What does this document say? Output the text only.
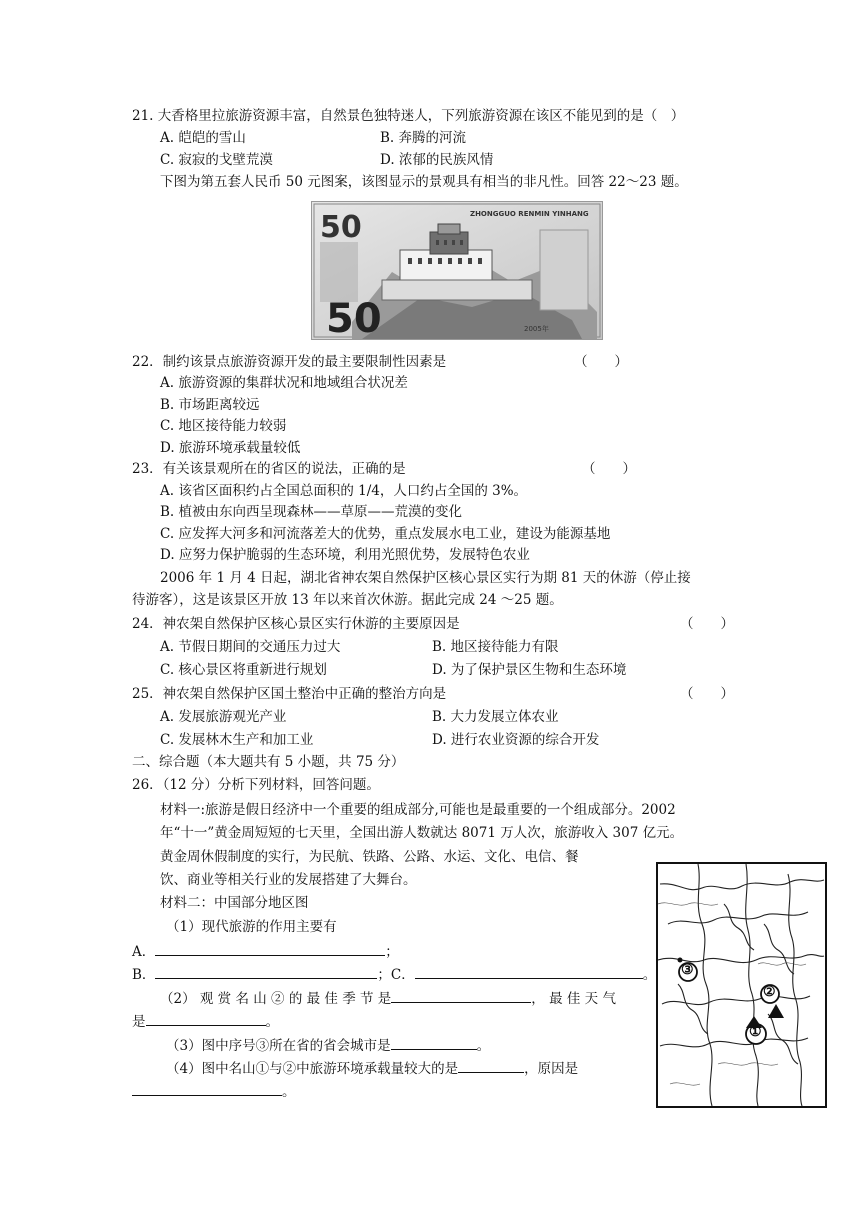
21. 大香格里拉旅游资源丰富，自然景色独特迷人，下列旅游资源在该区不能见到的是（　）
A. 皑皑的雪山	B. 奔腾的河流
C. 寂寂的戈壁荒漠	D. 浓郁的民族风情
下图为第五套人民币 50 元图案，该图显示的景观具有相当的非凡性。回答 22～23 题。
50
50
ZHONGGUO RENMIN YINHANG
2005年
22．制约该景点旅游资源开发的最主要限制性因素是	（　　）
A. 旅游资源的集群状况和地域组合状况差
B. 市场距离较远
C. 地区接待能力较弱
D. 旅游环境承载量较低
23．有关该景观所在的省区的说法，正确的是	（　　）
A. 该省区面积约占全国总面积的 1/4，人口约占全国的 3%。
B. 植被由东向西呈现森林——草原——荒漠的变化
C. 应发挥大河多和河流落差大的优势，重点发展水电工业，建设为能源基地
D. 应努力保护脆弱的生态环境，利用光照优势，发展特色农业
2006 年 1 月 4 日起，湖北省神农架自然保护区核心景区实行为期 81 天的休游（停止接
待游客），这是该景区开放 13 年以来首次休游。据此完成 24 ～25 题。
24．神农架自然保护区核心景区实行休游的主要原因是	（　　）
A. 节假日期间的交通压力过大	B. 地区接待能力有限
C. 核心景区将重新进行规划	D. 为了保护景区生物和生态环境
25．神农架自然保护区国土整治中正确的整治方向是	（　　）
A. 发展旅游观光产业	B. 大力发展立体农业
C. 发展林木生产和加工业	D. 进行农业资源的综合开发
二、综合题（本大题共有 5 小题，共 75 分）
26．（12 分）分析下列材料，回答问题。
材料一:旅游是假日经济中一个重要的组成部分,可能也是最重要的一个组成部分。2002
年“十一”黄金周短短的七天里，全国出游人数就达 8071 万人次，旅游收入 307 亿元。
黄金周休假制度的实行，为民航、铁路、公路、水运、文化、电信、餐
饮、商业等相关行业的发展搭建了大舞台。
材料二：中国部分地区图
（1）现代旅游的作用主要有
A．	；
B．	；C．	。
（2） 观 赏 名 山 ② 的 最 佳 季 节 是	， 最 佳 天 气
是	。
（3）图中序号③所在省的省会城市是	。
（4）图中名山①与②中旅游环境承载量较大的是	，原因是
。
③
②
①
